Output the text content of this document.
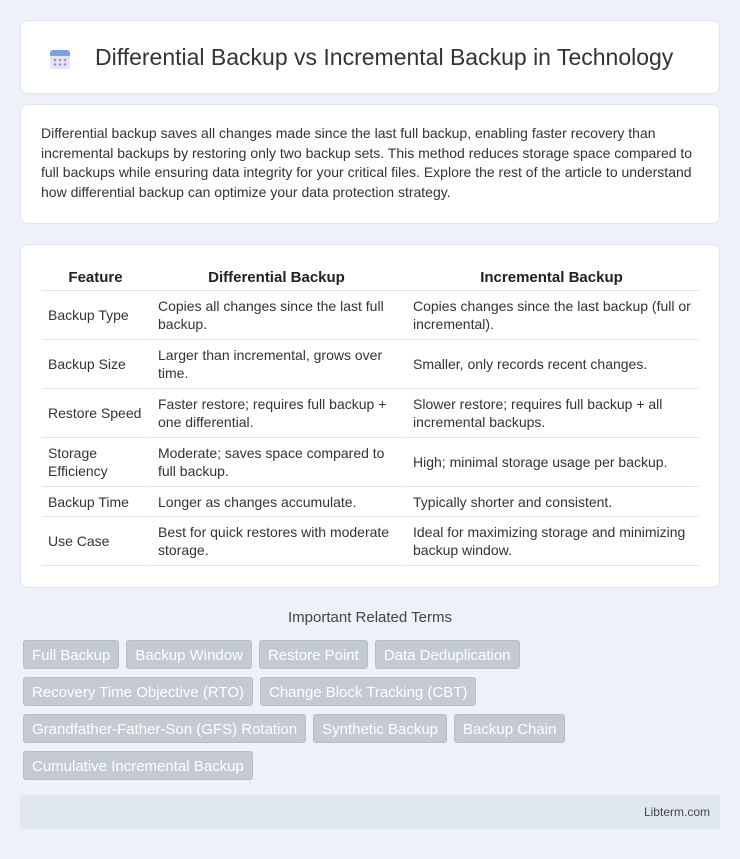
Differential Backup vs Incremental Backup in Technology

Differential backup saves all changes made since the last full backup, enabling faster recovery than incremental backups by restoring only two backup sets. This method reduces storage space compared to full backups while ensuring data integrity for your critical files. Explore the rest of the article to understand how differential backup can optimize your data protection strategy.

Feature	Differential Backup	Incremental Backup
Backup Type	Copies all changes since the last full backup.	Copies changes since the last backup (full or incremental).
Backup Size	Larger than incremental, grows over time.	Smaller, only records recent changes.
Restore Speed	Faster restore; requires full backup + one differential.	Slower restore; requires full backup + all incremental backups.
Storage Efficiency	Moderate; saves space compared to full backup.	High; minimal storage usage per backup.
Backup Time	Longer as changes accumulate.	Typically shorter and consistent.
Use Case	Best for quick restores with moderate storage.	Ideal for maximizing storage and minimizing backup window.
Important Related Terms
Full Backup	Backup Window	Restore Point	Data Deduplication
Recovery Time Objective (RTO)	Change Block Tracking (CBT)
Grandfather-Father-Son (GFS) Rotation	Synthetic Backup	Backup Chain
Cumulative Incremental Backup
Libterm.com
